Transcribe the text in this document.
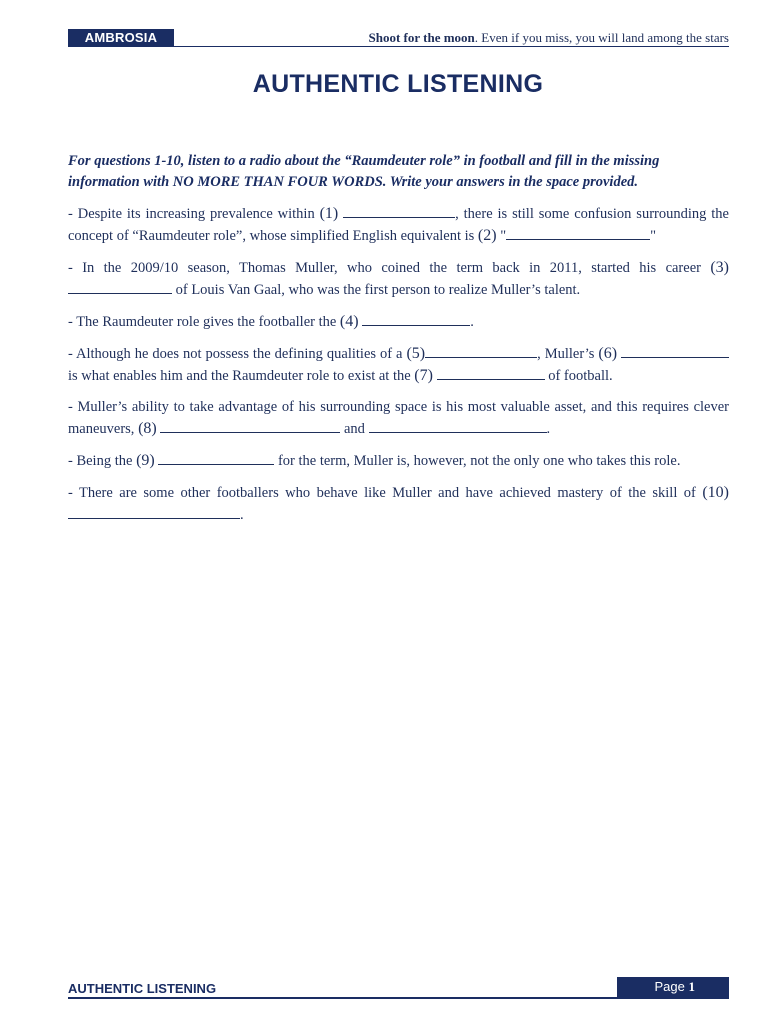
AMBROSIA	Shoot for the moon. Even if you miss, you will land among the stars
AUTHENTIC LISTENING

For questions 1-10, listen to a radio about the “Raumdeuter role” in football and fill in the missing information with NO MORE THAN FOUR WORDS. Write your answers in the space provided.

- Despite its increasing prevalence within (1)	, there is still some confusion surrounding the concept of “Raumdeuter role”, whose simplified English equivalent is (2) "	"

- In the 2009/10 season, Thomas Muller, who coined the term back in 2011, started his career (3)  of Louis Van Gaal, who was the first person to realize Muller’s talent.

- The Raumdeuter role gives the footballer the (4)	.

- Although he does not possess the defining qualities of a (5)	, Muller’s (6)  is what enables him and the Raumdeuter role to exist at the (7)	of football.

- Muller’s ability to take advantage of his surrounding space is his most valuable asset, and this requires clever maneuvers, (8)	and	.

- Being the (9)	for the term, Muller is, however, not the only one who takes this role.

- There are some other footballers who behave like Muller and have achieved mastery of the skill of (10) .

AUTHENTIC LISTENING	Page 1
